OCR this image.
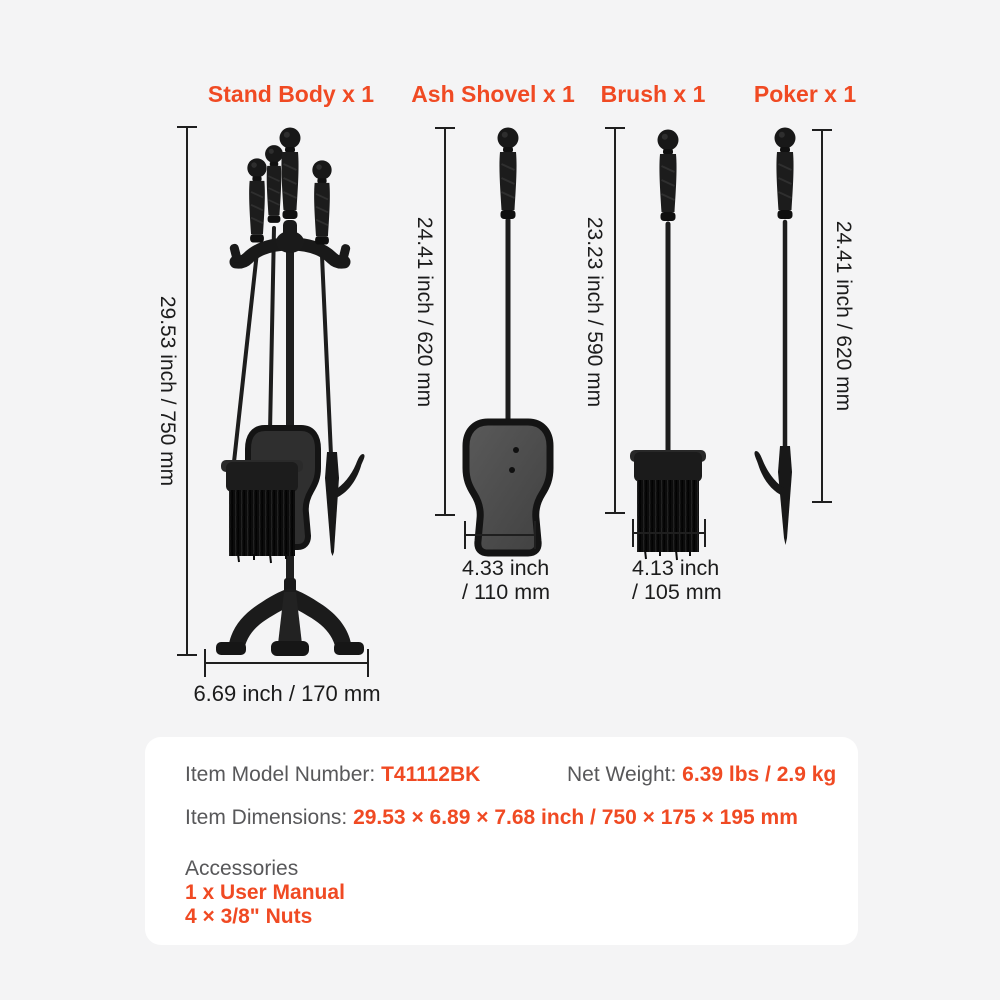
Stand Body x 1 Ash Shovel x 1 Brush x 1 Poker x 1
29.53 inch / 750 mm	24.41 inch / 620 mm	23.23 inch / 590 mm	24.41 inch / 620 mm
6.69 inch / 170 mm
4.33 inch
/ 110 mm
4.13 inch
/ 105 mm
Item Model Number: T41112BK	Net Weight: 6.39 lbs / 2.9 kg
Item Dimensions: 29.53 × 6.89 × 7.68 inch / 750 × 175 × 195 mm
Accessories
1 x User Manual
4 × 3/8" Nuts
